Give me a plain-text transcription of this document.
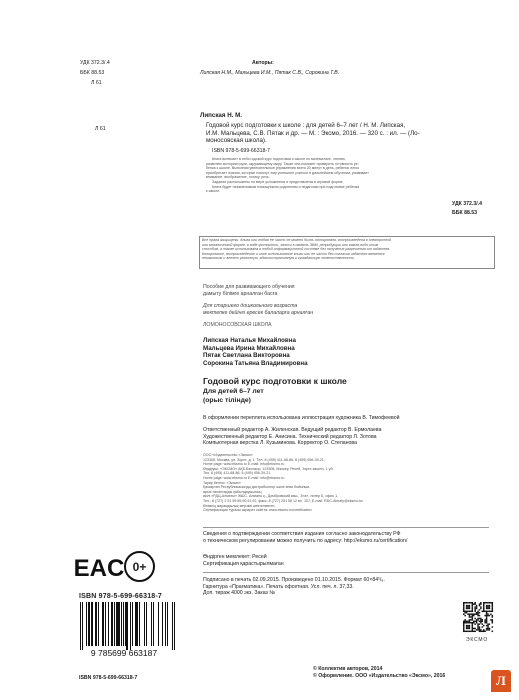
УДК 372.3/.4
ББК 88.53
Л 61
Авторы:
Липская Н.М., Мальцева И.М., Пятак С.В., Сорокина Т.В.
Л 61
Липская Н. М.
Годовой курс подготовки к школе : для детей 6–7 лет / Н. М. Липская,
И.М. Мальцева, С.В. Пятак и др. — М. : Эксмо, 2016. — 320 с. : ил. — (Ло-
моносовская школа).
ISBN 978-5-699-66318-7
Книга включает в себя годовой курс подготовки к школе по математике, чтению,
развитию моторики руки, окружающему миру. Также она поможет проверить готовность ре-
бенка к школе. Выполняя увлекательные упражнения всего 20 минут в день, ребенок легко
приобретает знания, которые помогут ему успешнее учиться в дальнейшем обучении, развивает
внимание, воображение, логику, речь.
Задания расположены по мере усложнения и представлены в игровой форме.
Книга будет незаменимым помощником родителям и педагогам при подготовке ребенка
к школе.
УДК 372.3/.4
ББК 88.53
Все права защищены. Книга или любая ее часть не может быть скопирована, воспроизведена в электронной
или механической форме, в виде фотокопии, записи в память ЭВМ, репродукции или каким-либо иным
способом, а также использована в любой информационной системе без получения разрешения от издателя.
Копирование, воспроизведение и иное использование книги или ее части без согласия издателя является
незаконным и влечет уголовную, административную и гражданскую ответственность.
Пособие для развивающего обучения
дамыту білімге арналған басға
Для старшего дошкольного возраста
мектепке дейінгі ересек балаларға арналған
ЛОМОНОСОВСКАЯ ШКОЛА
Липская Наталья Михайловна
Мальцева Ирина Михайловна
Пятак Светлана Викторовна
Сорокина Татьяна Владимировна
Годовой курс подготовки к школе
Для детей 6–7 лет
(орыс тілінде)
В оформлении переплета использована иллюстрация художника В. Тимофеевой
Ответственный редактор А. Жиленская. Ведущий редактор В. Ермолаева
Художественный редактор Е. Анисина. Технический редактор Л. Зотова
Компьютерная верстка Л. Кузьминова. Корректор О. Степанова
ООО «Издательство «Эксмо»
123308, Москва, ул. Зорге, д. 1. Тел. 8 (495) 411-68-86, 8 (495) 956-39-21.
Home page: www.eksmo.ru E-mail: info@eksmo.ru
Өндіруші: «ЭКСМО» АҚБ Баспасы, 123308, Мәскеу, Ресей, Зорге көшесі, 1 үй.
Тел. 8 (495) 411-68-86, 8 (495) 956-39-21
Home page: www.eksmo.ru E-mail: info@eksmo.ru
Тауар белгісі: «Эксмо»
Қазақстан Республикасында дистрибьютор және өнім бойынша
арыз-талаптарды қабылдаушының
өкілі «РДЦ-Алматы» ЖШС, Алматы қ., Домбровский көш., 3«а», литер Б, офис 1.
Тел.: 8 (727) 2 51 59 89,90,91,92, факс: 8 (727) 251 58 12 вн. 107; E-mail: RDC-Almaty@eksmo.kz
Өнімнің жарамдылық мерзімі шектелмеген.
Сертификация туралы ақпарат сайтта: www.eksmo.ru/certification
Сведения о подтверждении соответствия издания согласно законодательству РФ
о техническом регулировании можно получить по адресу: http://eksmo.ru/certification/
Өндірген мемлекет: Ресей
Сертификация қарастырылмаған
Подписано в печать 02.09.2015. Произведено 01.10.2015. Формат 60×84¹/₈.
Гарнитура «Прагматика». Печать офсетная. Усл. печ. л. 37,33.
Доп. тираж 4000 экз. Заказ №
EAC 0+
ISBN 978-5-699-66318-7
9 785699 663187
ЭКСМО
ISBN 978-5-699-66318-7
© Коллектив авторов, 2014
© Оформление. ООО «Издательство «Эксмо», 2016	Л
